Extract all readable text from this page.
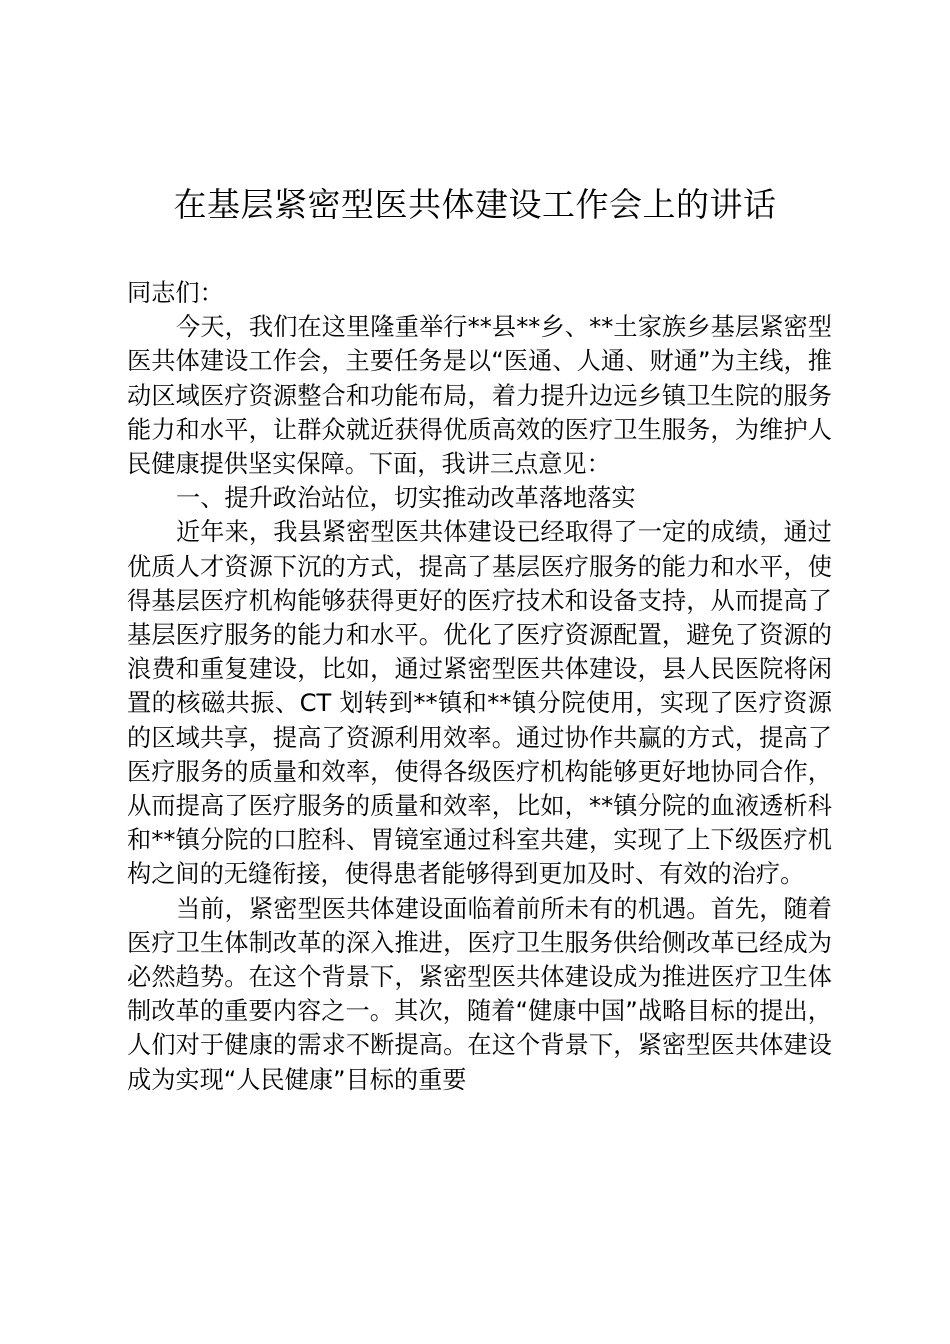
在基层紧密型医共体建设工作会上的讲话

同志们：

今天，我们在这里隆重举行**县**乡、**土家族乡基层紧密型医共体建设工作会，主要任务是以“医通、人通、财通”为主线，推动区域医疗资源整合和功能布局，着力提升边远乡镇卫生院的服务能力和水平，让群众就近获得优质高效的医疗卫生服务，为维护人民健康提供坚实保障。下面，我讲三点意见：

一、提升政治站位，切实推动改革落地落实

近年来，我县紧密型医共体建设已经取得了一定的成绩，通过优质人才资源下沉的方式，提高了基层医疗服务的能力和水平，使得基层医疗机构能够获得更好的医疗技术和设备支持，从而提高了基层医疗服务的能力和水平。优化了医疗资源配置，避免了资源的浪费和重复建设，比如，通过紧密型医共体建设，县人民医院将闲置的核磁共振、CT 划转到**镇和**镇分院使用，实现了医疗资源的区域共享，提高了资源利用效率。通过协作共赢的方式，提高了医疗服务的质量和效率，使得各级医疗机构能够更好地协同合作，从而提高了医疗服务的质量和效率，比如，**镇分院的血液透析科和**镇分院的口腔科、胃镜室通过科室共建，实现了上下级医疗机构之间的无缝衔接，使得患者能够得到更加及时、有效的治疗。

当前，紧密型医共体建设面临着前所未有的机遇。首先，随着医疗卫生体制改革的深入推进，医疗卫生服务供给侧改革已经成为必然趋势。在这个背景下，紧密型医共体建设成为推进医疗卫生体制改革的重要内容之一。其次，随着“健康中国”战略目标的提出，人们对于健康的需求不断提高。在这个背景下，紧密型医共体建设成为实现“人民健康”目标的重要
